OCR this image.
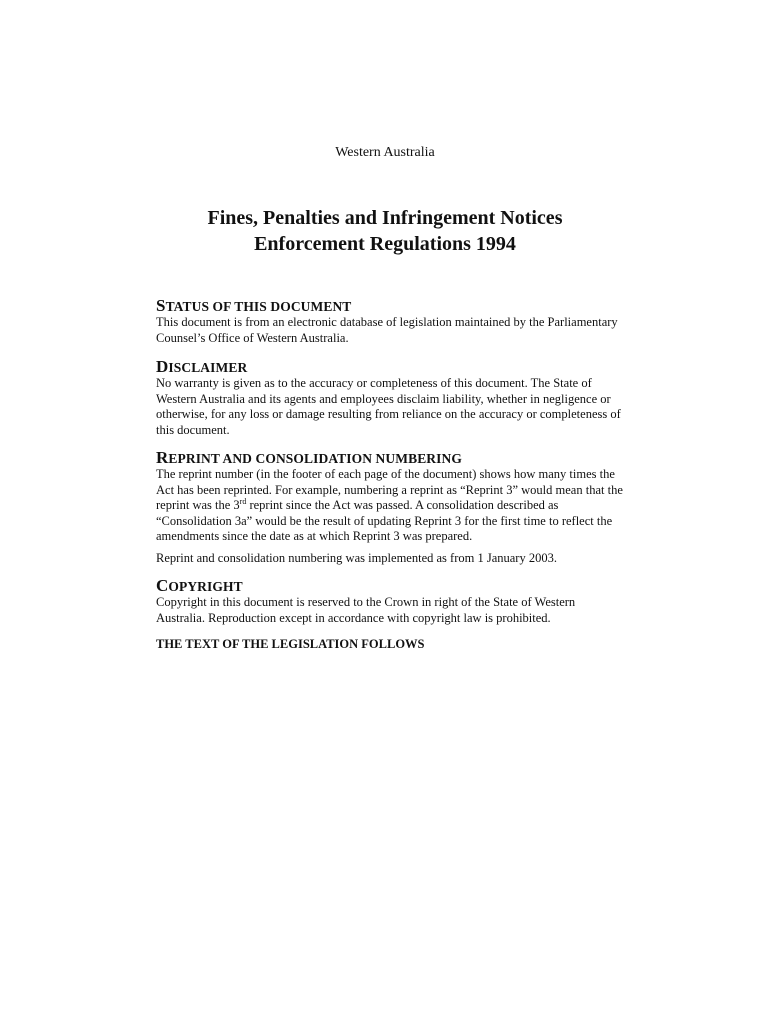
Western Australia
Fines, Penalties and Infringement Notices
Enforcement Regulations 1994
STATUS OF THIS DOCUMENT

This document is from an electronic database of legislation maintained by the Parliamentary Counsel’s Office of Western Australia.

DISCLAIMER

No warranty is given as to the accuracy or completeness of this document. The State of Western Australia and its agents and employees disclaim liability, whether in negligence or otherwise, for any loss or damage resulting from reliance on the accuracy or completeness of this document.

REPRINT AND CONSOLIDATION NUMBERING

The reprint number (in the footer of each page of the document) shows how many times the Act has been reprinted. For example, numbering a reprint as “Reprint 3” would mean that the reprint was the 3rd reprint since the Act was passed. A consolidation described as “Consolidation 3a” would be the result of updating Reprint 3 for the first time to reflect the amendments since the date as at which Reprint 3 was prepared.

Reprint and consolidation numbering was implemented as from 1 January 2003.

COPYRIGHT

Copyright in this document is reserved to the Crown in right of the State of Western Australia. Reproduction except in accordance with copyright law is prohibited.

THE TEXT OF THE LEGISLATION FOLLOWS
